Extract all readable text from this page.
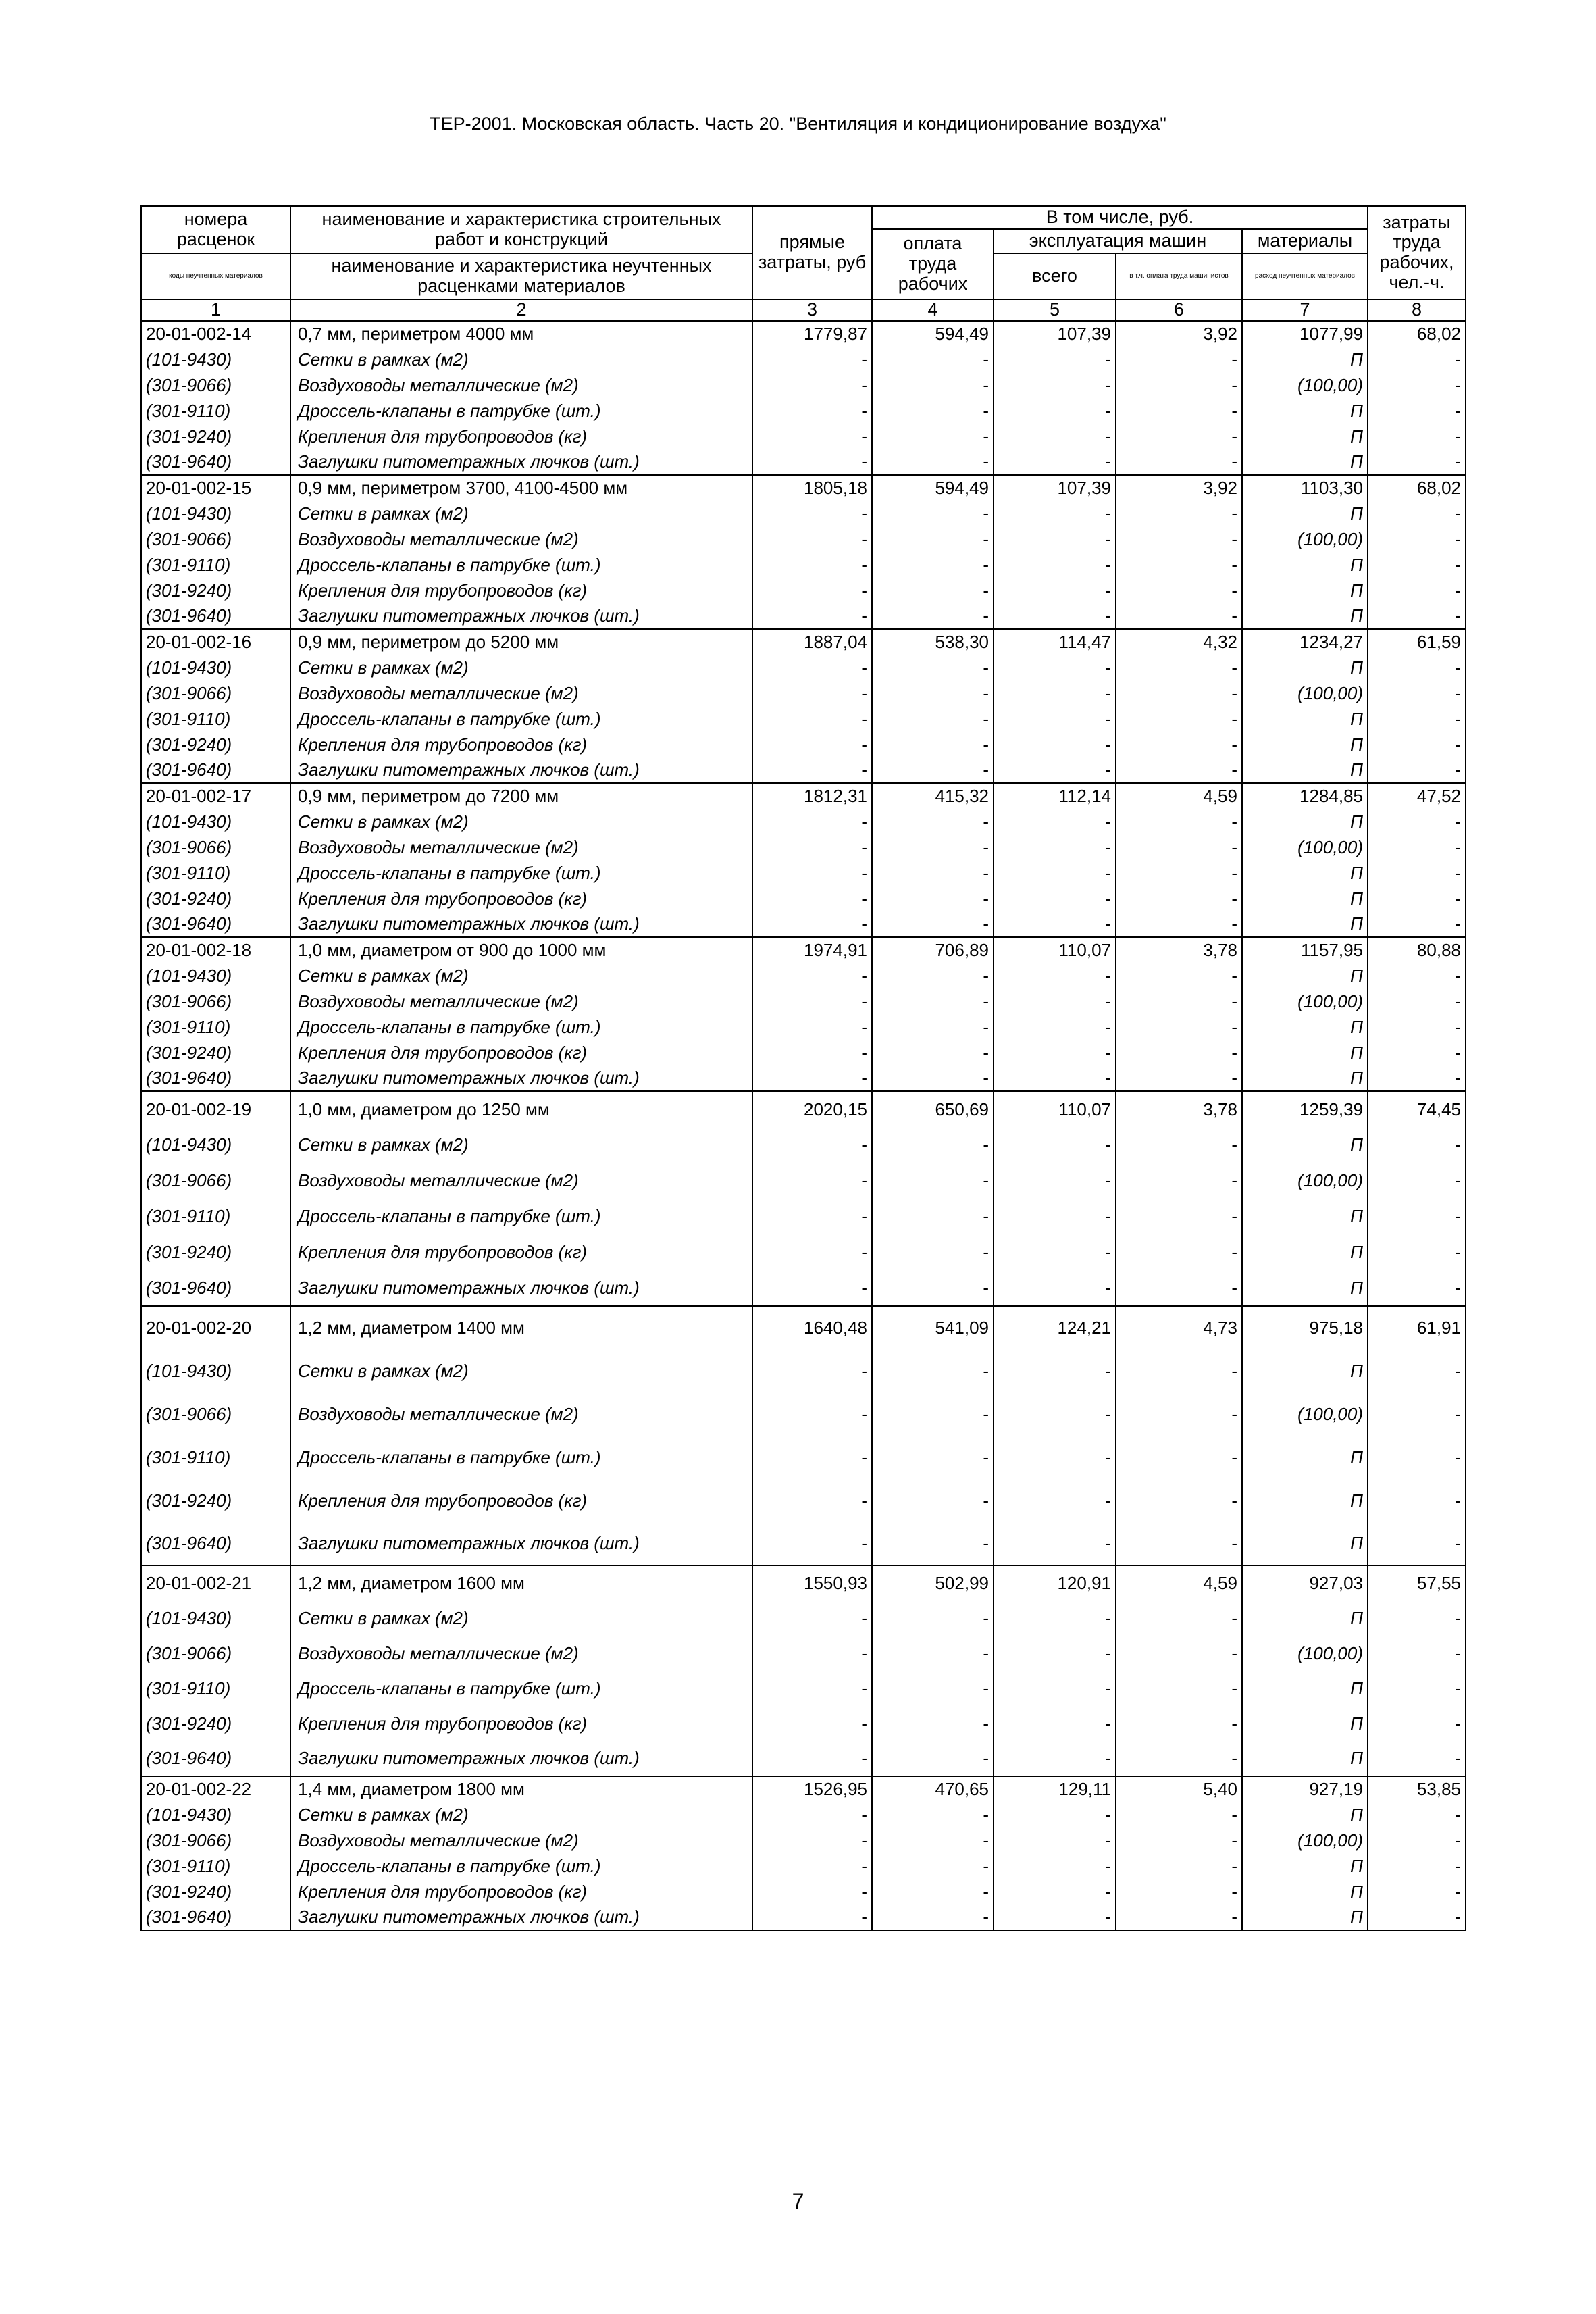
ТЕР-2001. Московская область. Часть 20. "Вентиляция и кондиционирование воздуха"
номера расценок	наименование и характеристика строительных работ и конструкций	прямые затраты, руб	В том числе, руб.				затраты труда рабочих, чел.-ч.
			оплата труда рабочих	эксплуатация машин		материалы	
коды неучтенных материалов	наименование и характеристика неучтенных расценками материалов			всего	в т.ч. оплата труда машинистов	расход неучтенных материалов	

1	2	3	4	5	6	7	8
20-01-002-14	0,7 мм, периметром 4000 мм	1779,87	594,49	107,39	3,92	1077,99	68,02
(101-9430)	Сетки в рамках (м2)	-	-	-	-	П	-
(301-9066)	Воздуховоды металлические (м2)	-	-	-	-	(100,00)	-
(301-9110)	Дроссель-клапаны в патрубке (шт.)	-	-	-	-	П	-
(301-9240)	Крепления для трубопроводов (кг)	-	-	-	-	П	-
(301-9640)	Заглушки питометражных лючков (шт.)	-	-	-	-	П	-
20-01-002-15	0,9 мм, периметром 3700, 4100-4500 мм	1805,18	594,49	107,39	3,92	1103,30	68,02
(101-9430)	Сетки в рамках (м2)	-	-	-	-	П	-
(301-9066)	Воздуховоды металлические (м2)	-	-	-	-	(100,00)	-
(301-9110)	Дроссель-клапаны в патрубке (шт.)	-	-	-	-	П	-
(301-9240)	Крепления для трубопроводов (кг)	-	-	-	-	П	-
(301-9640)	Заглушки питометражных лючков (шт.)	-	-	-	-	П	-
20-01-002-16	0,9 мм, периметром до 5200 мм	1887,04	538,30	114,47	4,32	1234,27	61,59
(101-9430)	Сетки в рамках (м2)	-	-	-	-	П	-
(301-9066)	Воздуховоды металлические (м2)	-	-	-	-	(100,00)	-
(301-9110)	Дроссель-клапаны в патрубке (шт.)	-	-	-	-	П	-
(301-9240)	Крепления для трубопроводов (кг)	-	-	-	-	П	-
(301-9640)	Заглушки питометражных лючков (шт.)	-	-	-	-	П	-
20-01-002-17	0,9 мм, периметром до 7200 мм	1812,31	415,32	112,14	4,59	1284,85	47,52
(101-9430)	Сетки в рамках (м2)	-	-	-	-	П	-
(301-9066)	Воздуховоды металлические (м2)	-	-	-	-	(100,00)	-
(301-9110)	Дроссель-клапаны в патрубке (шт.)	-	-	-	-	П	-
(301-9240)	Крепления для трубопроводов (кг)	-	-	-	-	П	-
(301-9640)	Заглушки питометражных лючков (шт.)	-	-	-	-	П	-
20-01-002-18	1,0 мм, диаметром от 900 до 1000 мм	1974,91	706,89	110,07	3,78	1157,95	80,88
(101-9430)	Сетки в рамках (м2)	-	-	-	-	П	-
(301-9066)	Воздуховоды металлические (м2)	-	-	-	-	(100,00)	-
(301-9110)	Дроссель-клапаны в патрубке (шт.)	-	-	-	-	П	-
(301-9240)	Крепления для трубопроводов (кг)	-	-	-	-	П	-
(301-9640)	Заглушки питометражных лючков (шт.)	-	-	-	-	П	-
20-01-002-19	1,0 мм, диаметром до 1250 мм	2020,15	650,69	110,07	3,78	1259,39	74,45
(101-9430)	Сетки в рамках (м2)	-	-	-	-	П	-
(301-9066)	Воздуховоды металлические (м2)	-	-	-	-	(100,00)	-
(301-9110)	Дроссель-клапаны в патрубке (шт.)	-	-	-	-	П	-
(301-9240)	Крепления для трубопроводов (кг)	-	-	-	-	П	-
(301-9640)	Заглушки питометражных лючков (шт.)	-	-	-	-	П	-
20-01-002-20	1,2 мм, диаметром 1400 мм	1640,48	541,09	124,21	4,73	975,18	61,91
(101-9430)	Сетки в рамках (м2)	-	-	-	-	П	-
(301-9066)	Воздуховоды металлические (м2)	-	-	-	-	(100,00)	-
(301-9110)	Дроссель-клапаны в патрубке (шт.)	-	-	-	-	П	-
(301-9240)	Крепления для трубопроводов (кг)	-	-	-	-	П	-
(301-9640)	Заглушки питометражных лючков (шт.)	-	-	-	-	П	-
20-01-002-21	1,2 мм, диаметром 1600 мм	1550,93	502,99	120,91	4,59	927,03	57,55
(101-9430)	Сетки в рамках (м2)	-	-	-	-	П	-
(301-9066)	Воздуховоды металлические (м2)	-	-	-	-	(100,00)	-
(301-9110)	Дроссель-клапаны в патрубке (шт.)	-	-	-	-	П	-
(301-9240)	Крепления для трубопроводов (кг)	-	-	-	-	П	-
(301-9640)	Заглушки питометражных лючков (шт.)	-	-	-	-	П	-
20-01-002-22	1,4 мм, диаметром 1800 мм	1526,95	470,65	129,11	5,40	927,19	53,85
(101-9430)	Сетки в рамках (м2)	-	-	-	-	П	-
(301-9066)	Воздуховоды металлические (м2)	-	-	-	-	(100,00)	-
(301-9110)	Дроссель-клапаны в патрубке (шт.)	-	-	-	-	П	-
(301-9240)	Крепления для трубопроводов (кг)	-	-	-	-	П	-
(301-9640)	Заглушки питометражных лючков (шт.)	-	-	-	-	П	-
7
